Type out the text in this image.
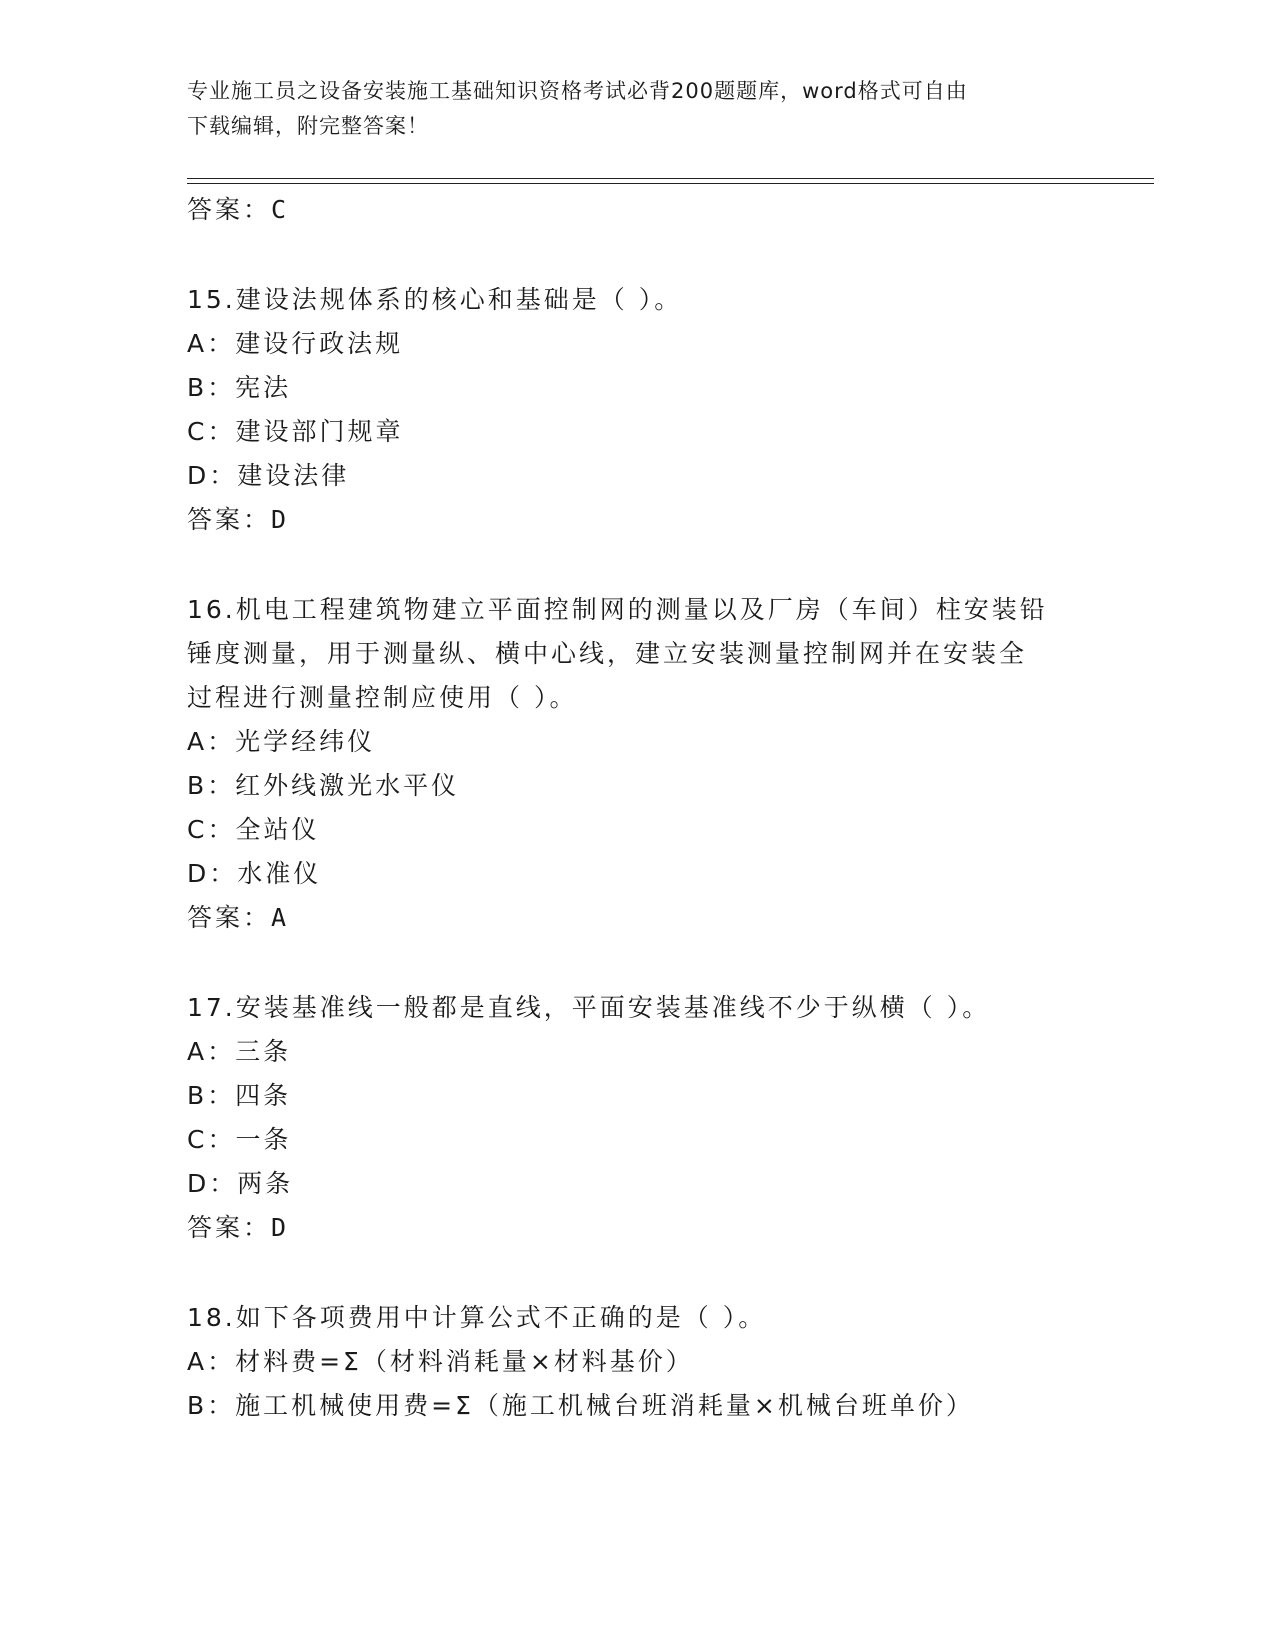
专业施工员之设备安装施工基础知识资格考试必背200题题库，word格式可自由
下载编辑，附完整答案！
答案：C
15.建设法规体系的核心和基础是（ ）。
A：建设行政法规
B：宪法
C：建设部门规章
D：建设法律
答案：D
16.机电工程建筑物建立平面控制网的测量以及厂房（车间）柱安装铅
锤度测量，用于测量纵、横中心线，建立安装测量控制网并在安装全
过程进行测量控制应使用（ ）。
A：光学经纬仪
B：红外线激光水平仪
C：全站仪
D：水准仪
答案：A
17.安装基准线一般都是直线，平面安装基准线不少于纵横（ ）。
A：三条
B：四条
C：一条
D：两条
答案：D
18.如下各项费用中计算公式不正确的是（ ）。
A：材料费=Σ（材料消耗量×材料基价）
B：施工机械使用费=Σ（施工机械台班消耗量×机械台班单价）
